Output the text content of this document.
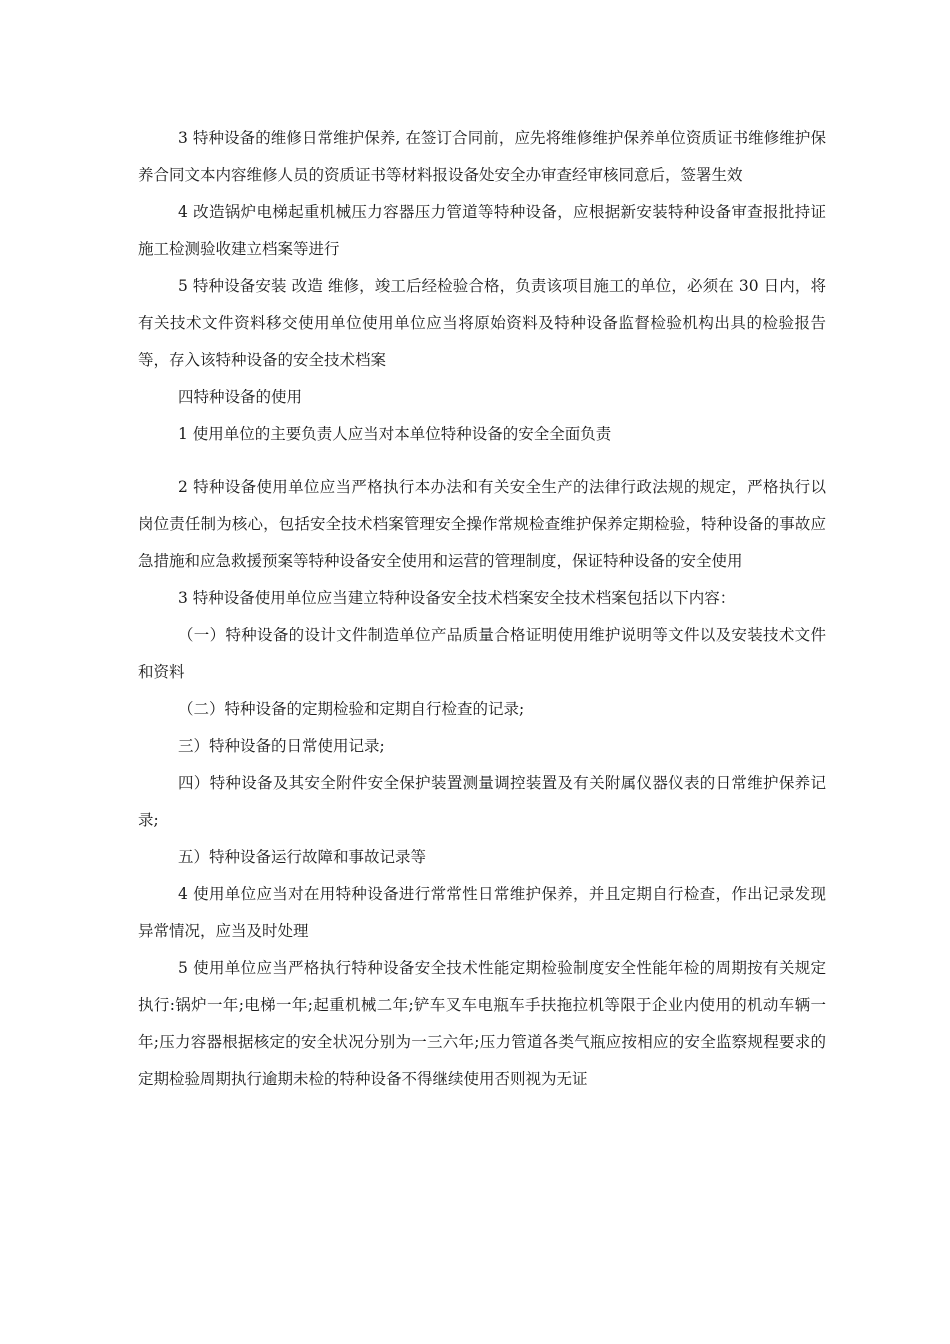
3 特种设备的维修日常维护保养, 在签订合同前，应先将维修维护保养单位资质证书维修维护保养合同文本内容维修人员的资质证书等材料报设备处安全办审查经审核同意后，签署生效

4 改造锅炉电梯起重机械压力容器压力管道等特种设备，应根据新安装特种设备审查报批持证施工检测验收建立档案等进行

5 特种设备安装 改造 维修，竣工后经检验合格，负责该项目施工的单位，必须在 30 日内，将有关技术文件资料移交使用单位使用单位应当将原始资料及特种设备监督检验机构出具的检验报告等，存入该特种设备的安全技术档案

四特种设备的使用

1 使用单位的主要负责人应当对本单位特种设备的安全全面负责

2 特种设备使用单位应当严格执行本办法和有关安全生产的法律行政法规的规定，严格执行以岗位责任制为核心，包括安全技术档案管理安全操作常规检查维护保养定期检验，特种设备的事故应急措施和应急救援预案等特种设备安全使用和运营的管理制度，保证特种设备的安全使用

3 特种设备使用单位应当建立特种设备安全技术档案安全技术档案包括以下内容：

（一）特种设备的设计文件制造单位产品质量合格证明使用维护说明等文件以及安装技术文件和资料

（二）特种设备的定期检验和定期自行检查的记录;

三）特种设备的日常使用记录;

四）特种设备及其安全附件安全保护装置测量调控装置及有关附属仪器仪表的日常维护保养记录;

五）特种设备运行故障和事故记录等

4 使用单位应当对在用特种设备进行常常性日常维护保养，并且定期自行检查，作出记录发现异常情况，应当及时处理

5 使用单位应当严格执行特种设备安全技术性能定期检验制度安全性能年检的周期按有关规定执行:锅炉一年;电梯一年;起重机械二年;铲车叉车电瓶车手扶拖拉机等限于企业内使用的机动车辆一年;压力容器根据核定的安全状况分别为一三六年;压力管道各类气瓶应按相应的安全监察规程要求的定期检验周期执行逾期未检的特种设备不得继续使用否则视为无证
